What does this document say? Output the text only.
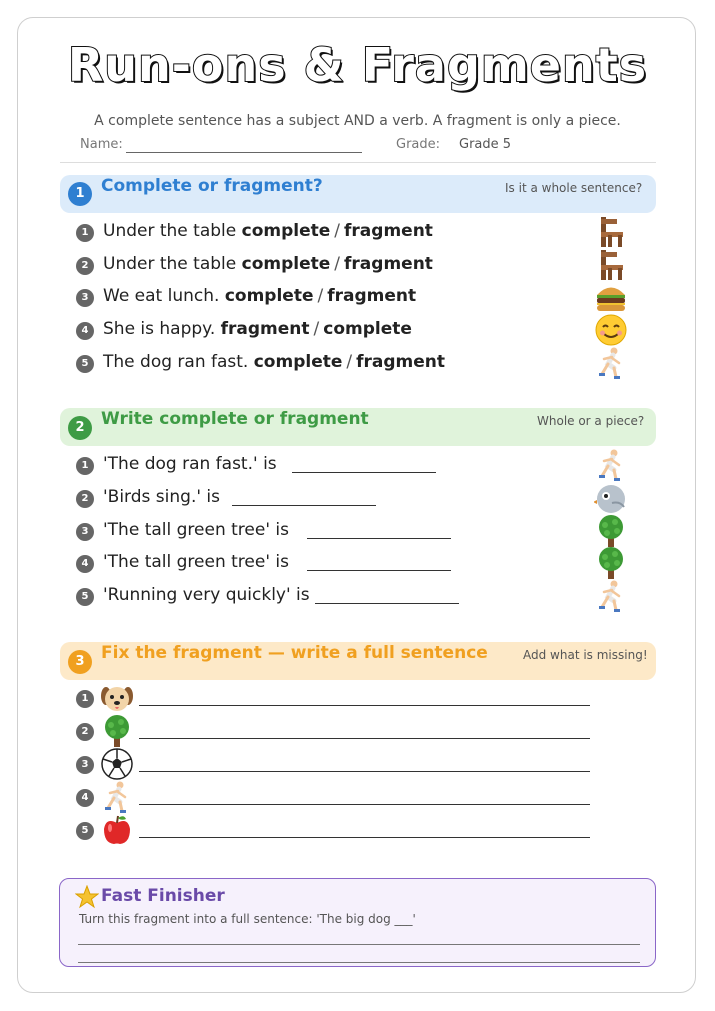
Run-ons & Fragments
A complete sentence has a subject AND a verb. A fragment is only a piece.
Name:	Grade: Grade 5
1 Complete or fragment?	Is it a whole sentence?
1 Under the table complete / fragment
2 Under the table complete / fragment
3 We eat lunch. complete / fragment
4 She is happy. fragment / complete
5 The dog ran fast. complete / fragment
2 Write complete or fragment	Whole or a piece?
1 'The dog ran fast.' is
2 'Birds sing.' is
3 'The tall green tree' is
4 'The tall green tree' is
5 'Running very quickly' is
3 Fix the fragment — write a full sentence	Add what is missing!
1
2
3
4
5
Fast Finisher
Turn this fragment into a full sentence: 'The big dog ___'
